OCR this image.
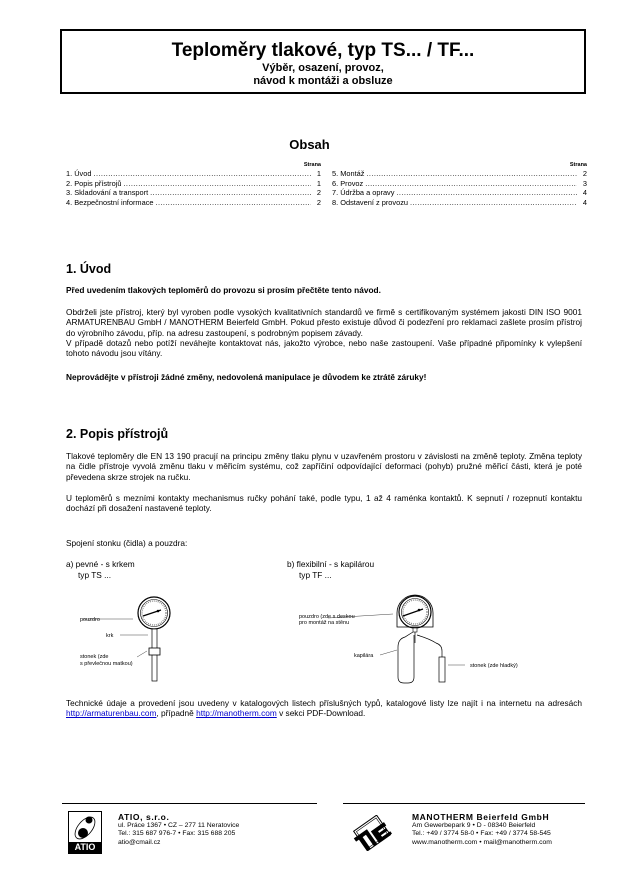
Teploměry tlakové, typ TS... / TF...
Výběr, osazení, provoz,
návod k montáži a obsluze
Obsah
Strana
1. Úvod .....	1
2. Popis přístrojů .....	1
3. Skladování a transport .....	2
4. Bezpečnostní informace .....	2
Strana
5. Montáž .....	2
6. Provoz .....	3
7. Údržba a opravy .....	4
8. Odstavení z provozu .....	4
1. Úvod
Před uvedením tlakových teploměrů do provozu si prosím přečtěte tento návod.
Obdrželi jste přístroj, který byl vyroben podle vysokých kvalitativních standardů ve firmě s certifikovaným systémem jakosti DIN ISO 9001 ARMATURENBAU GmbH / MANOTHERM Beierfeld GmbH. Pokud přesto existuje důvod či podezření pro reklamaci zašlete prosím přístroj do výrobního závodu, příp. na adresu zastoupení, s podrobným popisem závady.
V případě dotazů nebo potíží neváhejte kontaktovat nás, jakožto výrobce, nebo naše zastoupení. Vaše případné připomínky k vylepšení tohoto návodu jsou vítány.
Neprovádějte v přístroji žádné změny, nedovolená manipulace je důvodem ke ztrátě záruky!
2. Popis přístrojů
Tlakové teploměry dle EN 13 190 pracují na principu změny tlaku plynu v uzavřeném prostoru v závislosti na změně teploty. Změna teploty na čidle přístroje vyvolá změnu tlaku v měřicím systému, což zapříčiní odpovídající deformaci (pohyb) pružné měřicí části, která je poté převedena skrze strojek na ručku.
U teploměrů s mezními kontakty mechanismus ručky pohání také, podle typu, 1 až 4 raménka kontaktů. K sepnutí / rozepnutí kontaktu dochází při dosažení nastavené teploty.
Spojení stonku (čidla) a pouzdra:
a) pevné - s krkem
typ TS ...
b) flexibilní - s kapilárou
typ TF ...
pouzdro
krk
stonek (zde
s převlečnou matkou)
pouzdro (zde s deskou
pro montáž na stěnu
kapilára
stonek (zde hladký)
Technické údaje a provedení jsou uvedeny v katalogových listech příslušných typů, katalogové listy lze najít i na internetu na adresách http://armaturenbau.com, případně http://manotherm.com v sekci PDF-Download.
ATIO
ATIO, s.r.o.
ul. Práce 1367 • CZ – 277 11 Neratovice
Tel.: 315 687 976-7 • Fax: 315 688 205
atio@cmail.cz
MANOTHERM Beierfeld GmbH
Am Gewerbepark 9 • D - 08340 Beierfeld
Tel.: +49 / 3774 58-0 • Fax: +49 / 3774 58-545
www.manotherm.com • mail@manotherm.com
